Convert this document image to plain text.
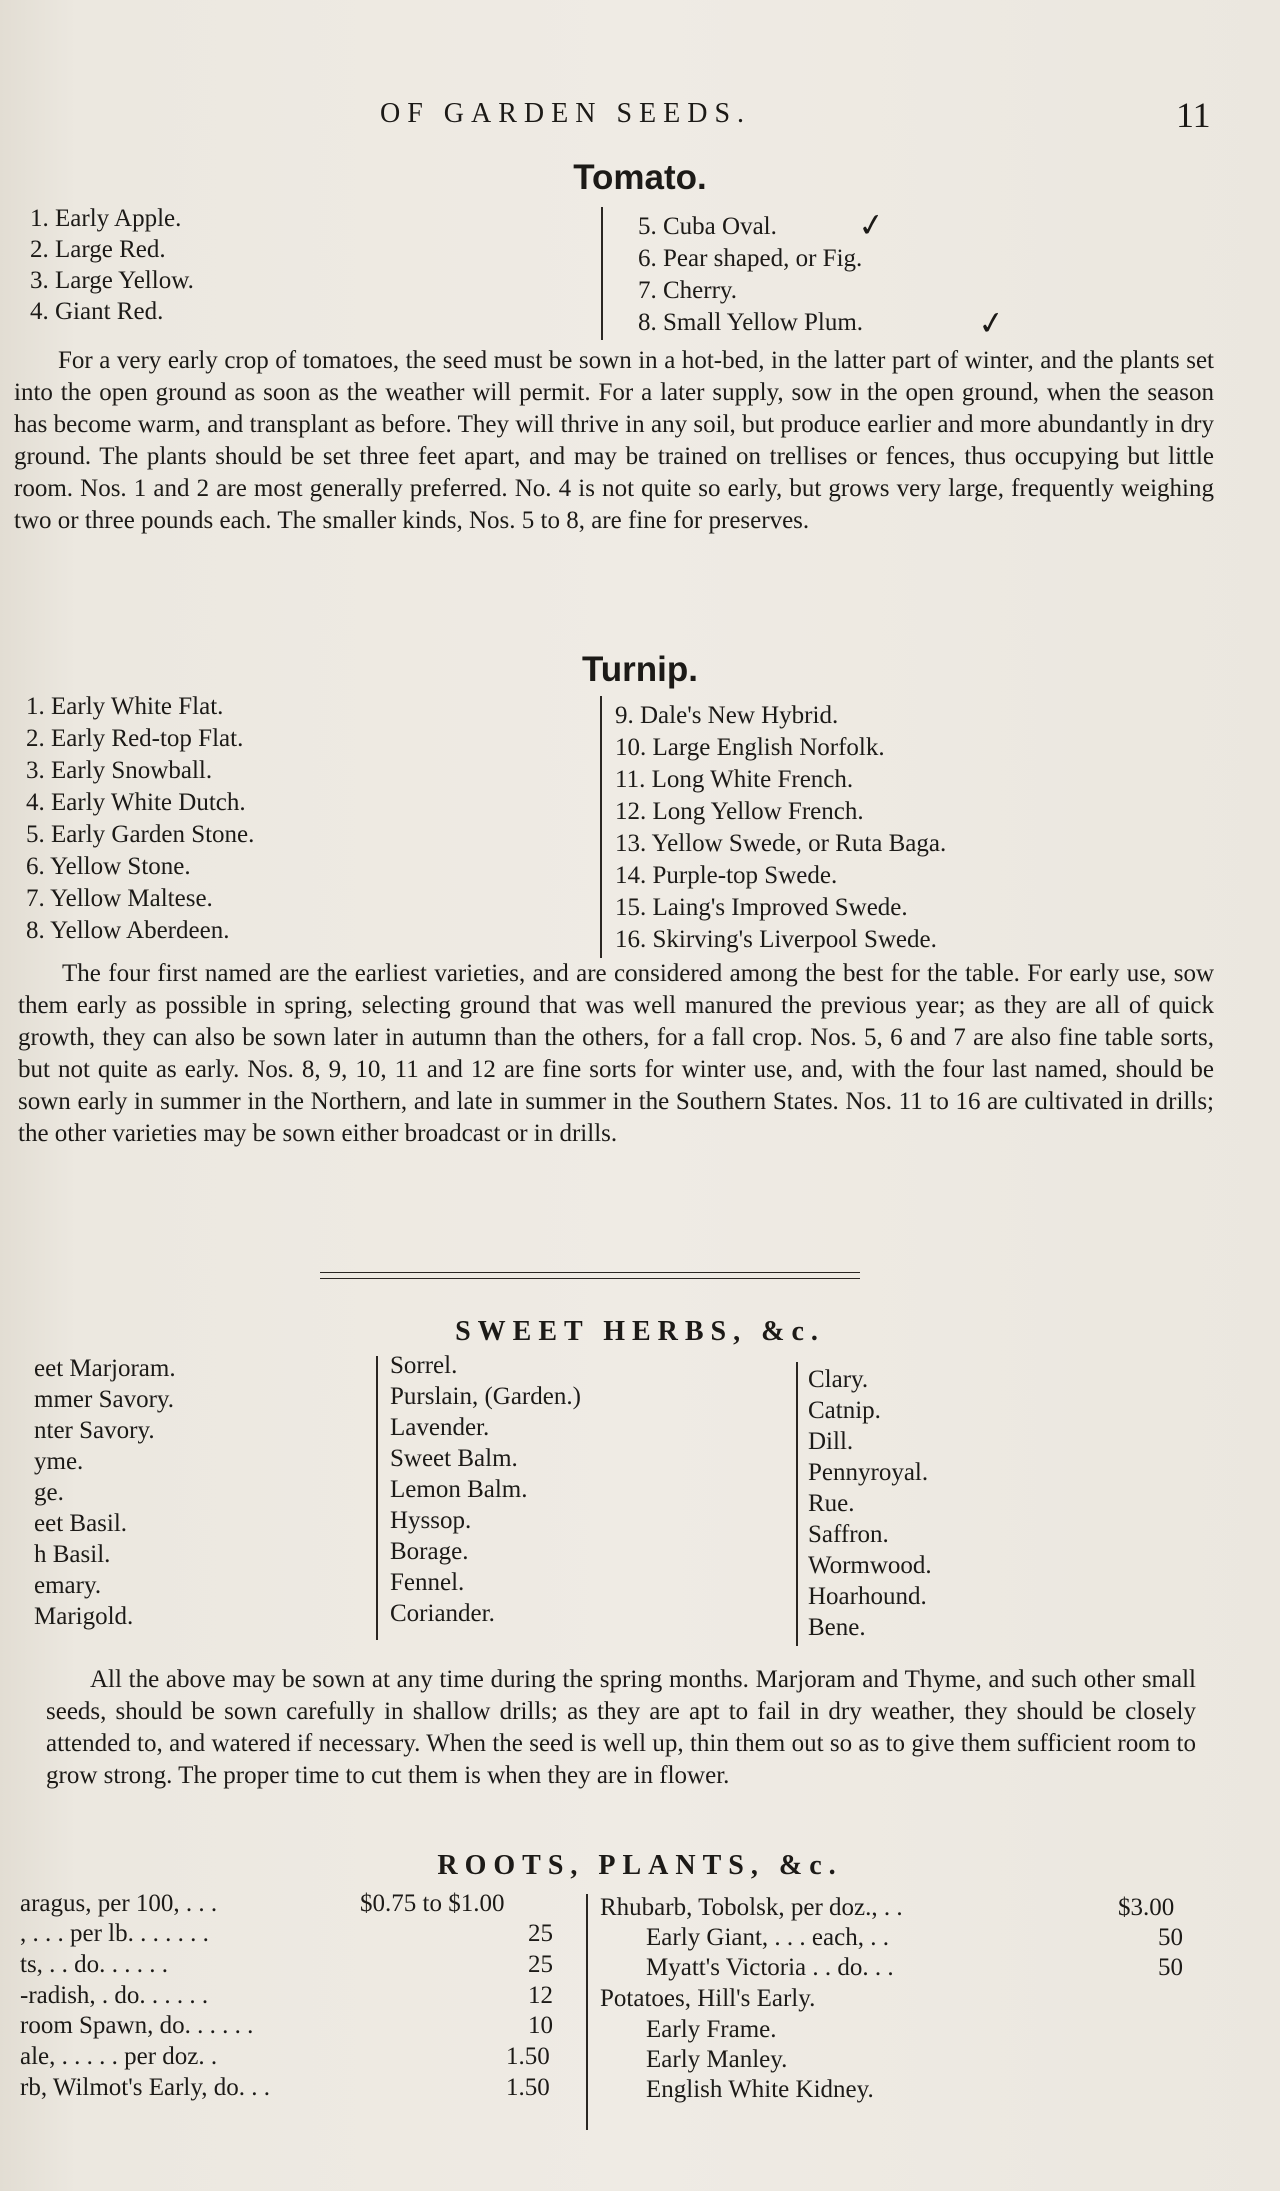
OF GARDEN SEEDS.	11
Tomato.
1. Early Apple.
2. Large Red.
3. Large Yellow.
4. Giant Red.
5. Cuba Oval.
6. Pear shaped, or Fig.
7. Cherry.
8. Small Yellow Plum.
✓
✓

For a very early crop of tomatoes, the seed must be sown in a hot-bed, in the latter part of winter, and the plants set into the open ground as soon as the weather will permit. For a later supply, sow in the open ground, when the season has become warm, and transplant as before. They will thrive in any soil, but produce earlier and more abundantly in dry ground. The plants should be set three feet apart, and may be trained on trellises or fences, thus occupying but little room. Nos. 1 and 2 are most generally preferred. No. 4 is not quite so early, but grows very large, frequently weighing two or three pounds each. The smaller kinds, Nos. 5 to 8, are fine for preserves.

Turnip.
1. Early White Flat.
2. Early Red-top Flat.
3. Early Snowball.
4. Early White Dutch.
5. Early Garden Stone.
6. Yellow Stone.
7. Yellow Maltese.
8. Yellow Aberdeen.
9. Dale's New Hybrid.
10. Large English Norfolk.
11. Long White French.
12. Long Yellow French.
13. Yellow Swede, or Ruta Baga.
14. Purple-top Swede.
15. Laing's Improved Swede.
16. Skirving's Liverpool Swede.

The four first named are the earliest varieties, and are considered among the best for the table. For early use, sow them early as possible in spring, selecting ground that was well manured the previous year; as they are all of quick growth, they can also be sown later in autumn than the others, for a fall crop. Nos. 5, 6 and 7 are also fine table sorts, but not quite as early. Nos. 8, 9, 10, 11 and 12 are fine sorts for winter use, and, with the four last named, should be sown early in summer in the Northern, and late in summer in the Southern States. Nos. 11 to 16 are cultivated in drills; the other varieties may be sown either broadcast or in drills.

SWEET HERBS, &c.
eet Marjoram.
mmer Savory.
nter Savory.
yme.
ge.
eet Basil.
h Basil.
emary.
Marigold.
Sorrel.
Purslain, (Garden.)
Lavender.
Sweet Balm.
Lemon Balm.
Hyssop.
Borage.
Fennel.
Coriander.
Clary.
Catnip.
Dill.
Pennyroyal.
Rue.
Saffron.
Wormwood.
Hoarhound.
Bene.

All the above may be sown at any time during the spring months. Marjoram and Thyme, and such other small seeds, should be sown carefully in shallow drills; as they are apt to fail in dry weather, they should be closely attended to, and watered if necessary. When the seed is well up, thin them out so as to give them sufficient room to grow strong. The proper time to cut them is when they are in flower.

ROOTS, PLANTS, &c.
aragus, per 100, . . .	$0.75 to $1.00
, . . . per lb. . . . . . .	25
ts, . . do. . . . . .	25
-radish, . do. . . . . .	12
room Spawn, do. . . . . .	10
ale, . . . . . per doz. .	1.50
rb, Wilmot's Early, do. . .	1.50
Rhubarb, Tobolsk, per doz., . .	$3.00
Early Giant, . . . each, . .	50
Myatt's Victoria . . do. . .	50
Potatoes, Hill's Early.
Early Frame.
Early Manley.
English White Kidney.
